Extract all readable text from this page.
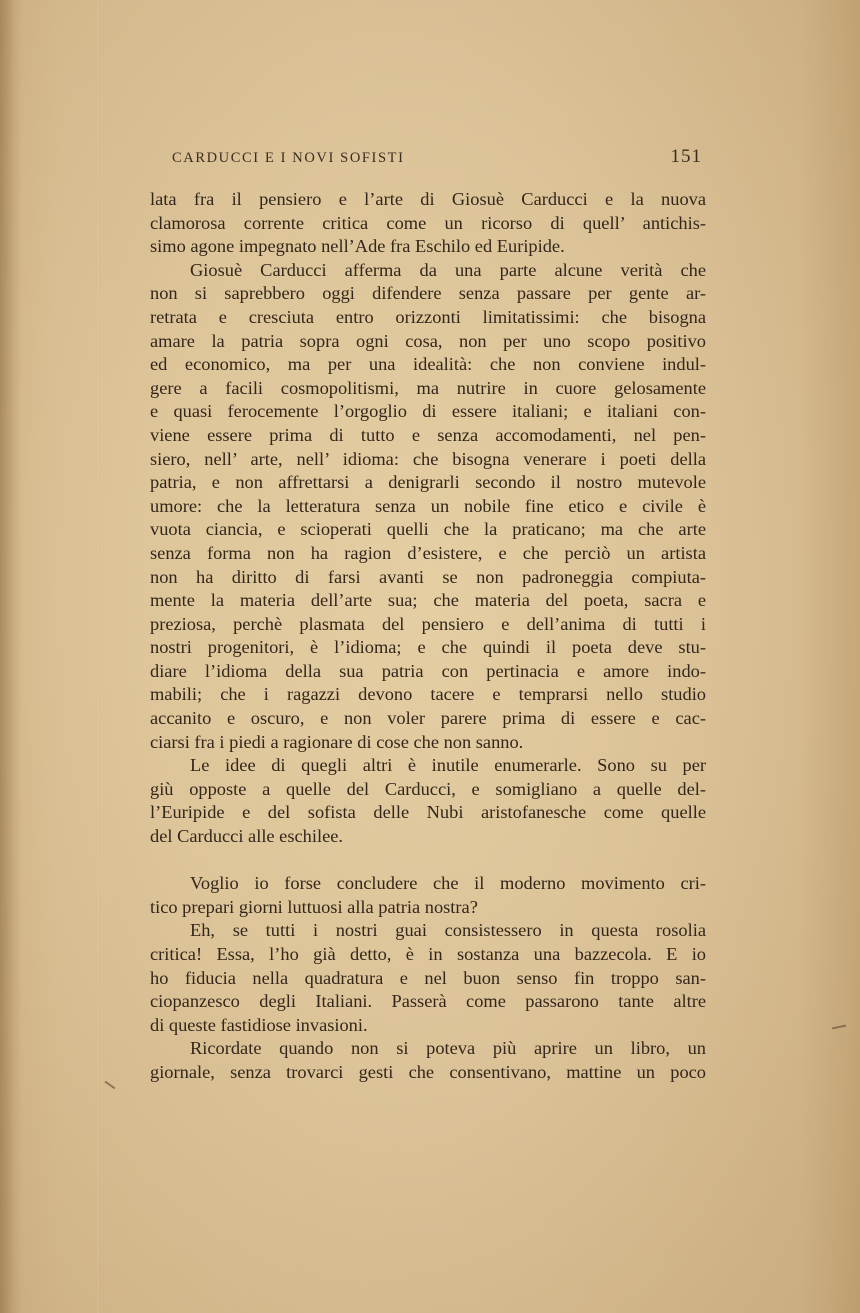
CARDUCCI E I NOVI SOFISTI	151
lata fra il pensiero e l’arte di Giosuè Carducci e la nuova
clamorosa corrente critica come un ricorso di quell’ antichis-
simo agone impegnato nell’Ade fra Eschilo ed Euripide.
Giosuè Carducci afferma da una parte alcune verità che
non si saprebbero oggi difendere senza passare per gente ar-
retrata e cresciuta entro orizzonti limitatissimi: che bisogna
amare la patria sopra ogni cosa, non per uno scopo positivo
ed economico, ma per una idealità: che non conviene indul-
gere a facili cosmopolitismi, ma nutrire in cuore gelosamente
e quasi ferocemente l’orgoglio di essere italiani; e italiani con-
viene essere prima di tutto e senza accomodamenti, nel pen-
siero, nell’ arte, nell’ idioma: che bisogna venerare i poeti della
patria, e non affrettarsi a denigrarli secondo il nostro mutevole
umore: che la letteratura senza un nobile fine etico e civile è
vuota ciancia, e scioperati quelli che la praticano; ma che arte
senza forma non ha ragion d’esistere, e che perciò un artista
non ha diritto di farsi avanti se non padroneggia compiuta-
mente la materia dell’arte sua; che materia del poeta, sacra e
preziosa, perchè plasmata del pensiero e dell’anima di tutti i
nostri progenitori, è l’idioma; e che quindi il poeta deve stu-
diare l’idioma della sua patria con pertinacia e amore indo-
mabili; che i ragazzi devono tacere e temprarsi nello studio
accanito e oscuro, e non voler parere prima di essere e cac-
ciarsi fra i piedi a ragionare di cose che non sanno.
Le idee di quegli altri è inutile enumerarle. Sono su per
giù opposte a quelle del Carducci, e somigliano a quelle del-
l’Euripide e del sofista delle Nubi aristofanesche come quelle
del Carducci alle eschilee.
Voglio io forse concludere che il moderno movimento cri-
tico prepari giorni luttuosi alla patria nostra?
Eh, se tutti i nostri guai consistessero in questa rosolia
critica! Essa, l’ho già detto, è in sostanza una bazzecola. E io
ho fiducia nella quadratura e nel buon senso fin troppo san-
ciopanzesco degli Italiani. Passerà come passarono tante altre
di queste fastidiose invasioni.
Ricordate quando non si poteva più aprire un libro, un
giornale, senza trovarci gesti che consentivano, mattine un poco
